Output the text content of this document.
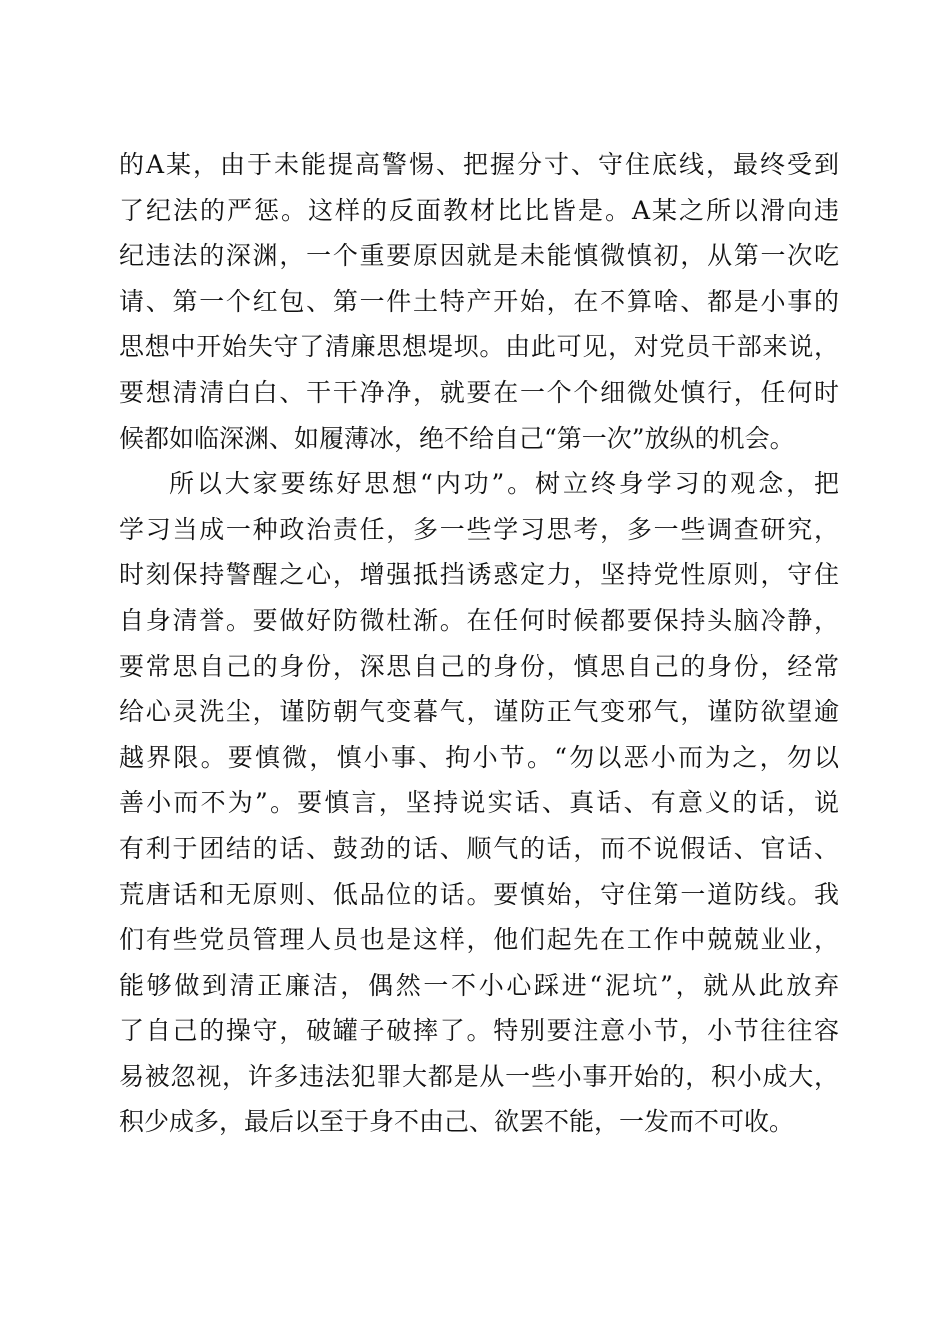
的A某，由于未能提高警惕、把握分寸、守住底线，最终受到
了纪法的严惩。这样的反面教材比比皆是。A某之所以滑向违
纪违法的深渊，一个重要原因就是未能慎微慎初，从第一次吃
请、第一个红包、第一件土特产开始，在不算啥、都是小事的
思想中开始失守了清廉思想堤坝。由此可见，对党员干部来说，
要想清清白白、干干净净，就要在一个个细微处慎行，任何时
候都如临深渊、如履薄冰，绝不给自己“第一次”放纵的机会。
所以大家要练好思想“内功”。树立终身学习的观念，把
学习当成一种政治责任，多一些学习思考，多一些调查研究，
时刻保持警醒之心，增强抵挡诱惑定力，坚持党性原则，守住
自身清誉。要做好防微杜渐。在任何时候都要保持头脑冷静，
要常思自己的身份，深思自己的身份，慎思自己的身份，经常
给心灵洗尘，谨防朝气变暮气，谨防正气变邪气，谨防欲望逾
越界限。要慎微，慎小事、拘小节。“勿以恶小而为之，勿以
善小而不为”。要慎言，坚持说实话、真话、有意义的话，说
有利于团结的话、鼓劲的话、顺气的话，而不说假话、官话、
荒唐话和无原则、低品位的话。要慎始，守住第一道防线。我
们有些党员管理人员也是这样，他们起先在工作中兢兢业业，
能够做到清正廉洁，偶然一不小心踩进“泥坑”，就从此放弃
了自己的操守，破罐子破摔了。特别要注意小节，小节往往容
易被忽视，许多违法犯罪大都是从一些小事开始的，积小成大，
积少成多，最后以至于身不由己、欲罢不能，一发而不可收。
